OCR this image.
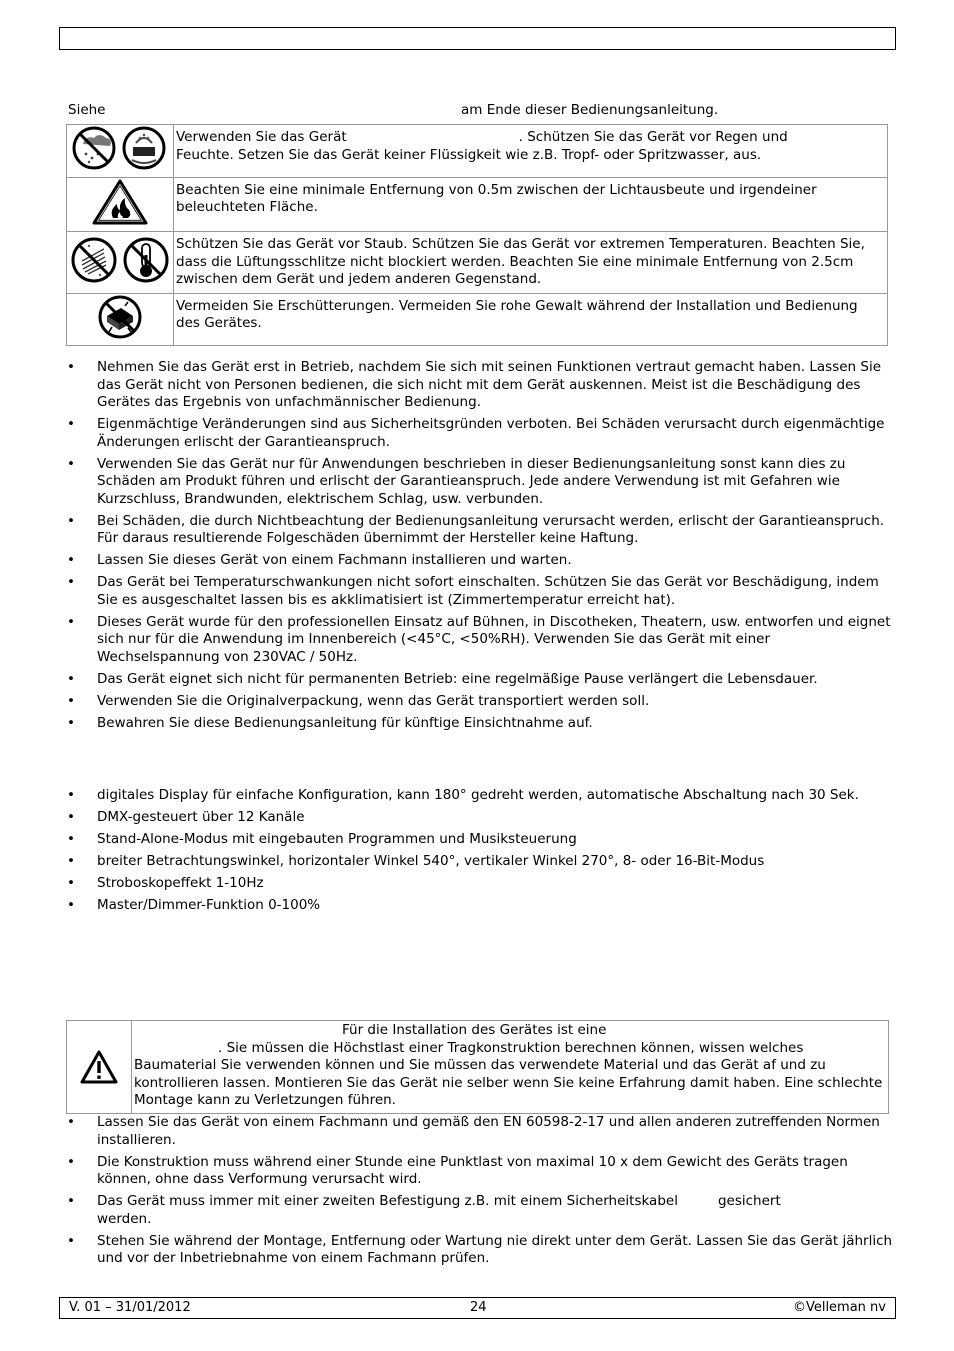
Siehe	am Ende dieser Bedienungsanleitung.
	Verwenden Sie das Gerät . Schützen Sie das Gerät vor Regen und
Feuchte. Setzen Sie das Gerät keiner Flüssigkeit wie z.B. Tropf- oder Spritzwasser, aus.
	Beachten Sie eine minimale Entfernung von 0.5m zwischen der Lichtausbeute und irgendeiner beleuchteten Fläche.
	Schützen Sie das Gerät vor Staub. Schützen Sie das Gerät vor extremen Temperaturen. Beachten Sie, dass die Lüftungsschlitze nicht blockiert werden. Beachten Sie eine minimale Entfernung von 2.5cm zwischen dem Gerät und jedem anderen Gegenstand.
	Vermeiden Sie Erschütterungen. Vermeiden Sie rohe Gewalt während der Installation und Bedienung des Gerätes.
• Nehmen Sie das Gerät erst in Betrieb, nachdem Sie sich mit seinen Funktionen vertraut gemacht haben. Lassen Sie das Gerät nicht von Personen bedienen, die sich nicht mit dem Gerät auskennen. Meist ist die Beschädigung des Gerätes das Ergebnis von unfachmännischer Bedienung.
• Eigenmächtige Veränderungen sind aus Sicherheitsgründen verboten. Bei Schäden verursacht durch eigenmächtige Änderungen erlischt der Garantieanspruch.
• Verwenden Sie das Gerät nur für Anwendungen beschrieben in dieser Bedienungsanleitung sonst kann dies zu Schäden am Produkt führen und erlischt der Garantieanspruch. Jede andere Verwendung ist mit Gefahren wie Kurzschluss, Brandwunden, elektrischem Schlag, usw. verbunden.
• Bei Schäden, die durch Nichtbeachtung der Bedienungsanleitung verursacht werden, erlischt der Garantieanspruch. Für daraus resultierende Folgeschäden übernimmt der Hersteller keine Haftung.
• Lassen Sie dieses Gerät von einem Fachmann installieren und warten.
• Das Gerät bei Temperaturschwankungen nicht sofort einschalten. Schützen Sie das Gerät vor Beschädigung, indem Sie es ausgeschaltet lassen bis es akklimatisiert ist (Zimmertemperatur erreicht hat).
• Dieses Gerät wurde für den professionellen Einsatz auf Bühnen, in Discotheken, Theatern, usw. entworfen und eignet sich nur für die Anwendung im Innenbereich (<45°C, <50%RH). Verwenden Sie das Gerät mit einer Wechselspannung von 230VAC / 50Hz.
• Das Gerät eignet sich nicht für permanenten Betrieb: eine regelmäßige Pause verlängert die Lebensdauer.
• Verwenden Sie die Originalverpackung, wenn das Gerät transportiert werden soll.
• Bewahren Sie diese Bedienungsanleitung für künftige Einsichtnahme auf.
• digitales Display für einfache Konfiguration, kann 180° gedreht werden, automatische Abschaltung nach 30 Sek.
• DMX-gesteuert über 12 Kanäle
• Stand-Alone-Modus mit eingebauten Programmen und Musiksteuerung
• breiter Betrachtungswinkel, horizontaler Winkel 540°, vertikaler Winkel 270°, 8- oder 16-Bit-Modus
• Stroboskopeffekt 1-10Hz
• Master/Dimmer-Funktion 0-100%
Für die Installation des Gerätes ist eine
. Sie müssen die Höchstlast einer Tragkonstruktion berechnen können, wissen welches
Baumaterial Sie verwenden können und Sie müssen das verwendete Material und das Gerät af und zu kontrollieren lassen. Montieren Sie das Gerät nie selber wenn Sie keine Erfahrung damit haben. Eine schlechte Montage kann zu Verletzungen führen.
• Lassen Sie das Gerät von einem Fachmann und gemäß den EN 60598-2-17 und allen anderen zutreffenden Normen installieren.
• Die Konstruktion muss während einer Stunde eine Punktlast von maximal 10 x dem Gewicht des Geräts tragen können, ohne dass Verformung verursacht wird.
• Das Gerät muss immer mit einer zweiten Befestigung z.B. mit einem Sicherheitskabel	gesichert
werden.
• Stehen Sie während der Montage, Entfernung oder Wartung nie direkt unter dem Gerät. Lassen Sie das Gerät jährlich und vor der Inbetriebnahme von einem Fachmann prüfen.
V. 01 – 31/01/2012	24	©Velleman nv
